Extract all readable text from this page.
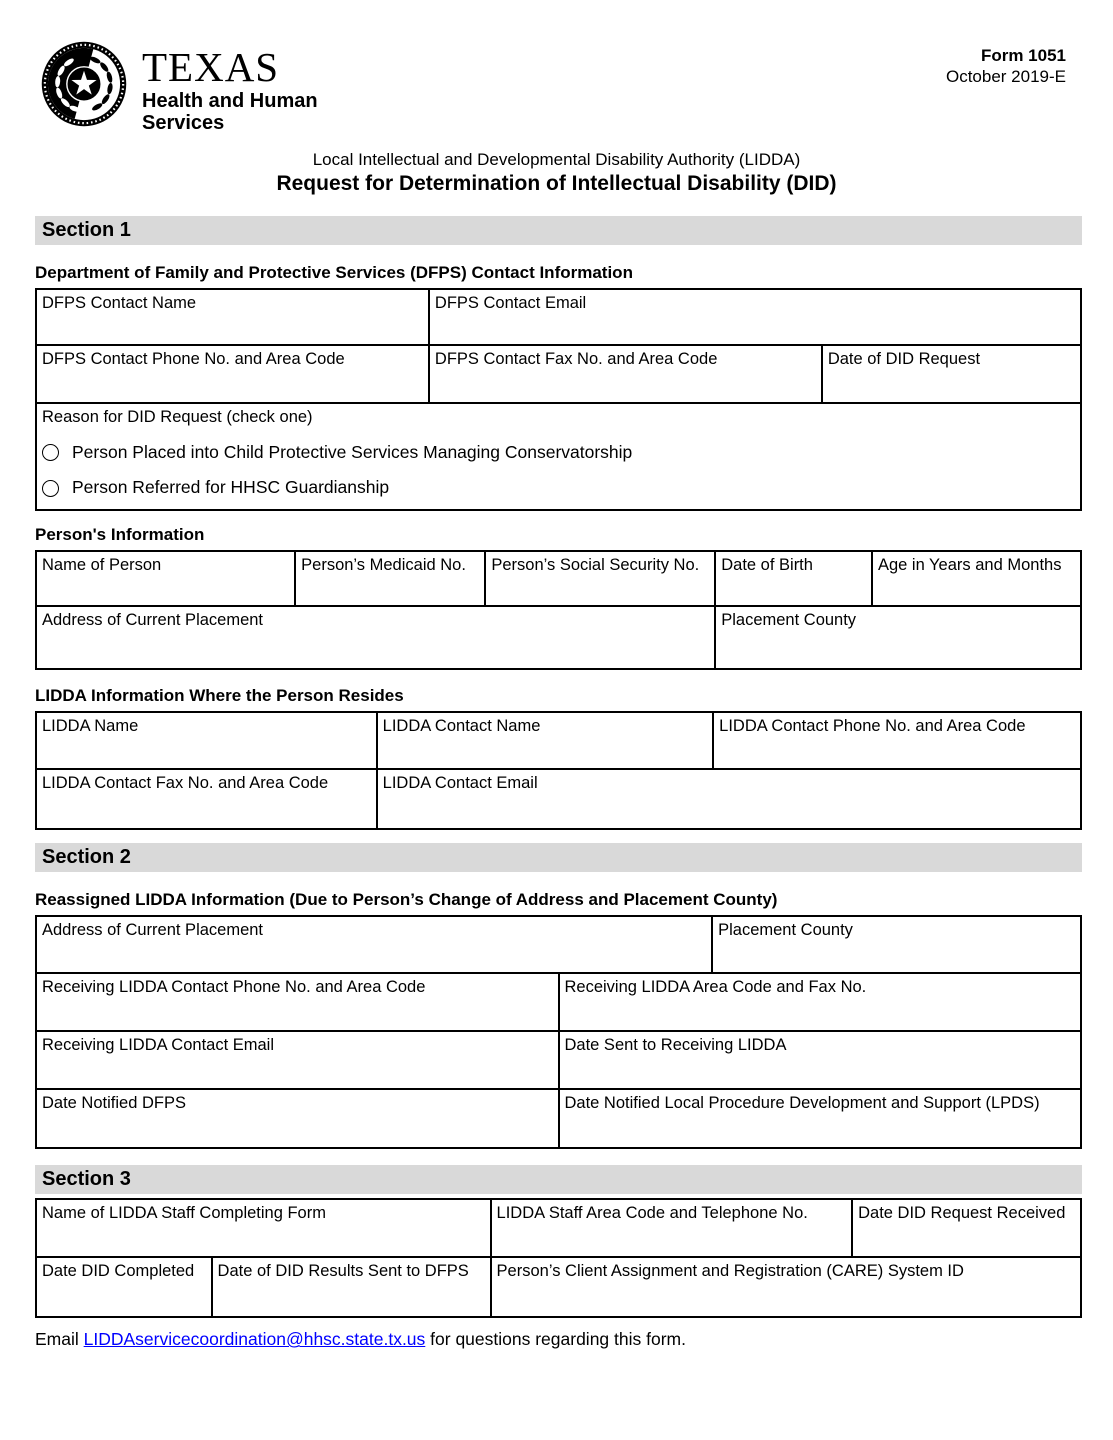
TEXAS
Health and Human
Services
Form 1051
October 2019-E
Local Intellectual and Developmental Disability Authority (LIDDA)
Request for Determination of Intellectual Disability (DID)
Section 1
Department of Family and Protective Services (DFPS) Contact Information
DFPS Contact Name	DFPS Contact Email	
DFPS Contact Phone No. and Area Code	DFPS Contact Fax No. and Area Code	Date of DID Request

Reason for DID Request (check one)
Person Placed into Child Protective Services Managing Conservatorship
Person Referred for HHSC Guardianship		
Person's Information
Name of Person	Person’s Medicaid No.	Person’s Social Security No.	Date of Birth	Age in Years and Months
Address of Current Placement			Placement County	
LIDDA Information Where the Person Resides
LIDDA Name	LIDDA Contact Name	LIDDA Contact Phone No. and Area Code
LIDDA Contact Fax No. and Area Code	LIDDA Contact Email	
Section 2
Reassigned LIDDA Information (Due to Person’s Change of Address and Placement County)
Address of Current Placement		Placement County
Receiving LIDDA Contact Phone No. and Area Code	Receiving LIDDA Area Code and Fax No.	
Receiving LIDDA Contact Email	Date Sent to Receiving LIDDA	
Date Notified DFPS	Date Notified Local Procedure Development and Support (LPDS)	
Section 3
Name of LIDDA Staff Completing Form		LIDDA Staff Area Code and Telephone No.	Date DID Request Received
Date DID Completed	Date of DID Results Sent to DFPS	Person’s Client Assignment and Registration (CARE) System ID	
Email LIDDAservicecoordination@hhsc.state.tx.us for questions regarding this form.
